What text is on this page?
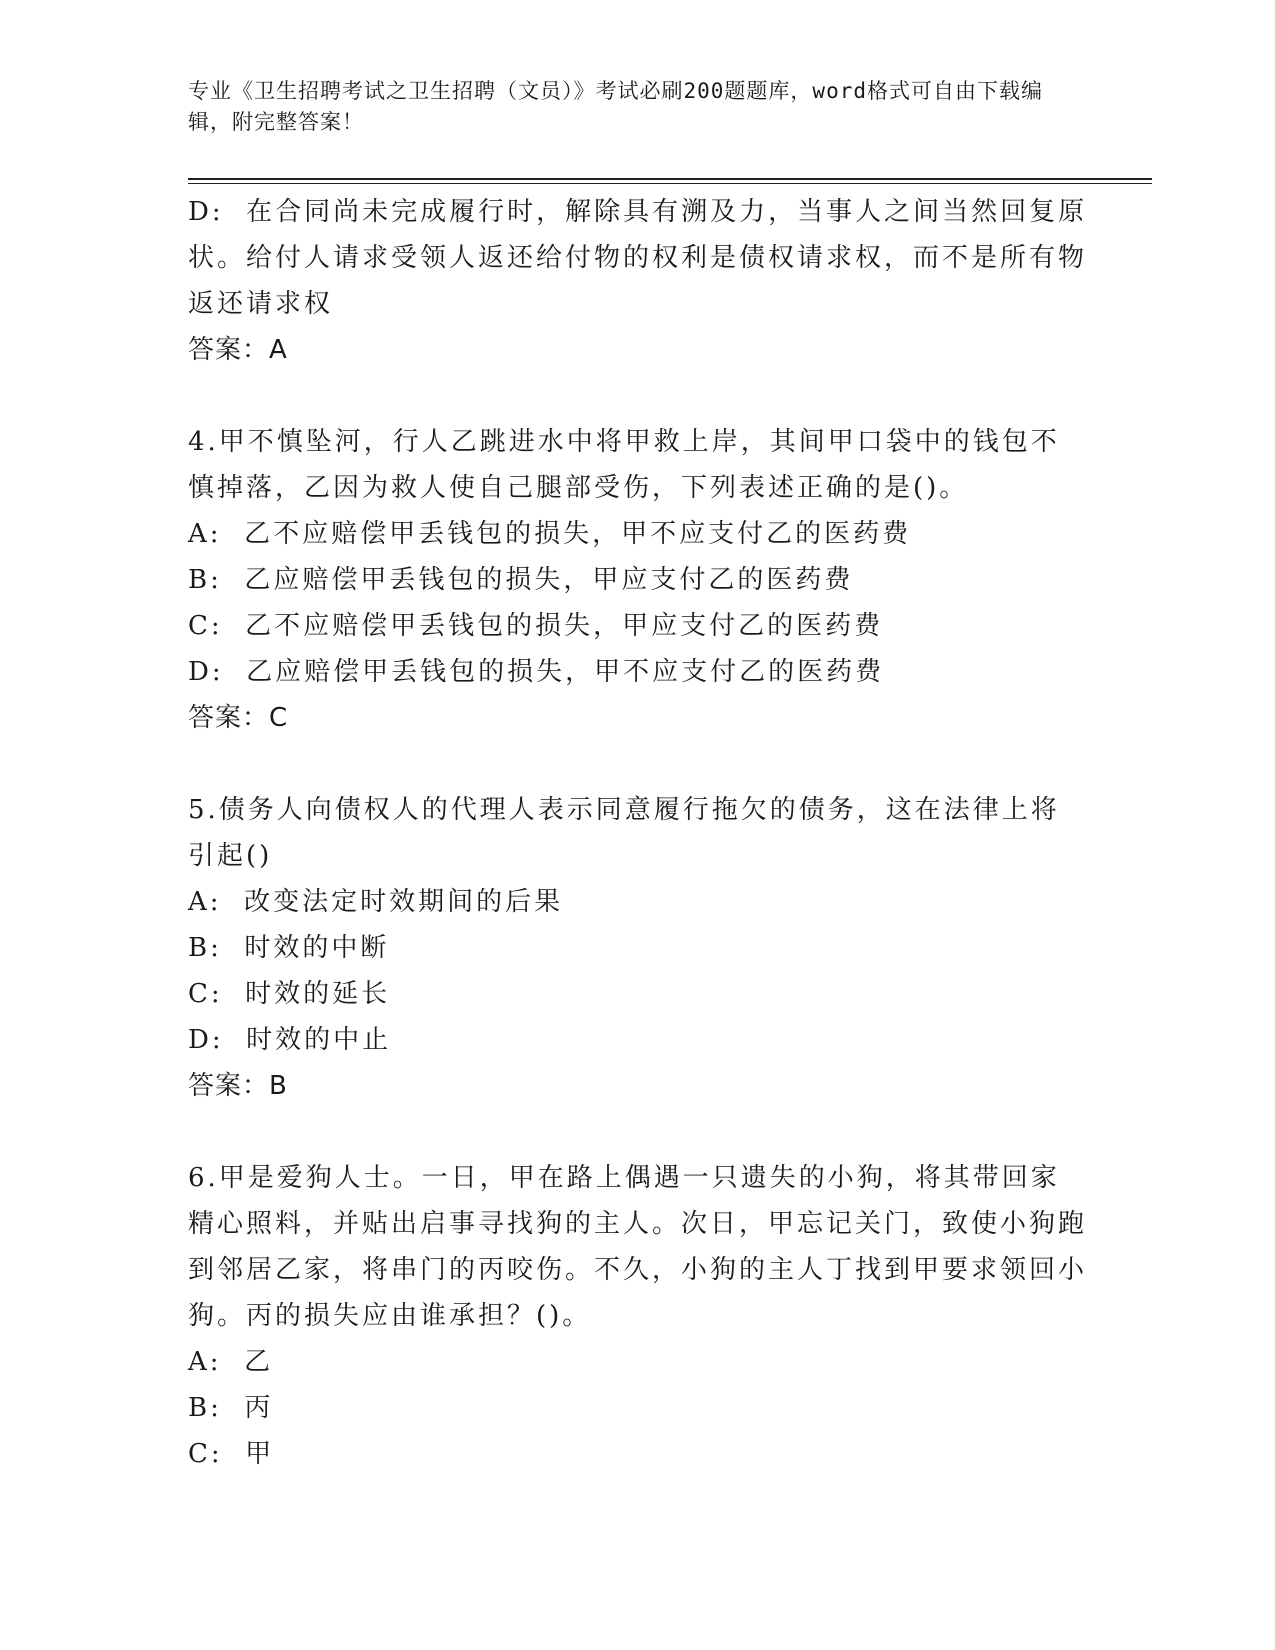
专业《卫生招聘考试之卫生招聘（文员）》考试必刷200题题库，word格式可自由下载编辑，附完整答案！

D:  在合同尚未完成履行时，解除具有溯及力，当事人之间当然回复原状。给付人请求受领人返还给付物的权利是债权请求权，而不是所有物返还请求权

答案：A

4.甲不慎坠河，行人乙跳进水中将甲救上岸，其间甲口袋中的钱包不慎掉落，乙因为救人使自己腿部受伤，下列表述正确的是()。

A:  乙不应赔偿甲丢钱包的损失，甲不应支付乙的医药费

B:  乙应赔偿甲丢钱包的损失，甲应支付乙的医药费

C:  乙不应赔偿甲丢钱包的损失，甲应支付乙的医药费

D:  乙应赔偿甲丢钱包的损失，甲不应支付乙的医药费

答案：C

5.债务人向债权人的代理人表示同意履行拖欠的债务，这在法律上将引起()

A:  改变法定时效期间的后果

B:  时效的中断

C:  时效的延长

D:  时效的中止

答案：B

6.甲是爱狗人士。一日，甲在路上偶遇一只遗失的小狗，将其带回家精心照料，并贴出启事寻找狗的主人。次日，甲忘记关门，致使小狗跑到邻居乙家，将串门的丙咬伤。不久，小狗的主人丁找到甲要求领回小狗。丙的损失应由谁承担？()。

A:  乙

B:  丙

C:  甲
